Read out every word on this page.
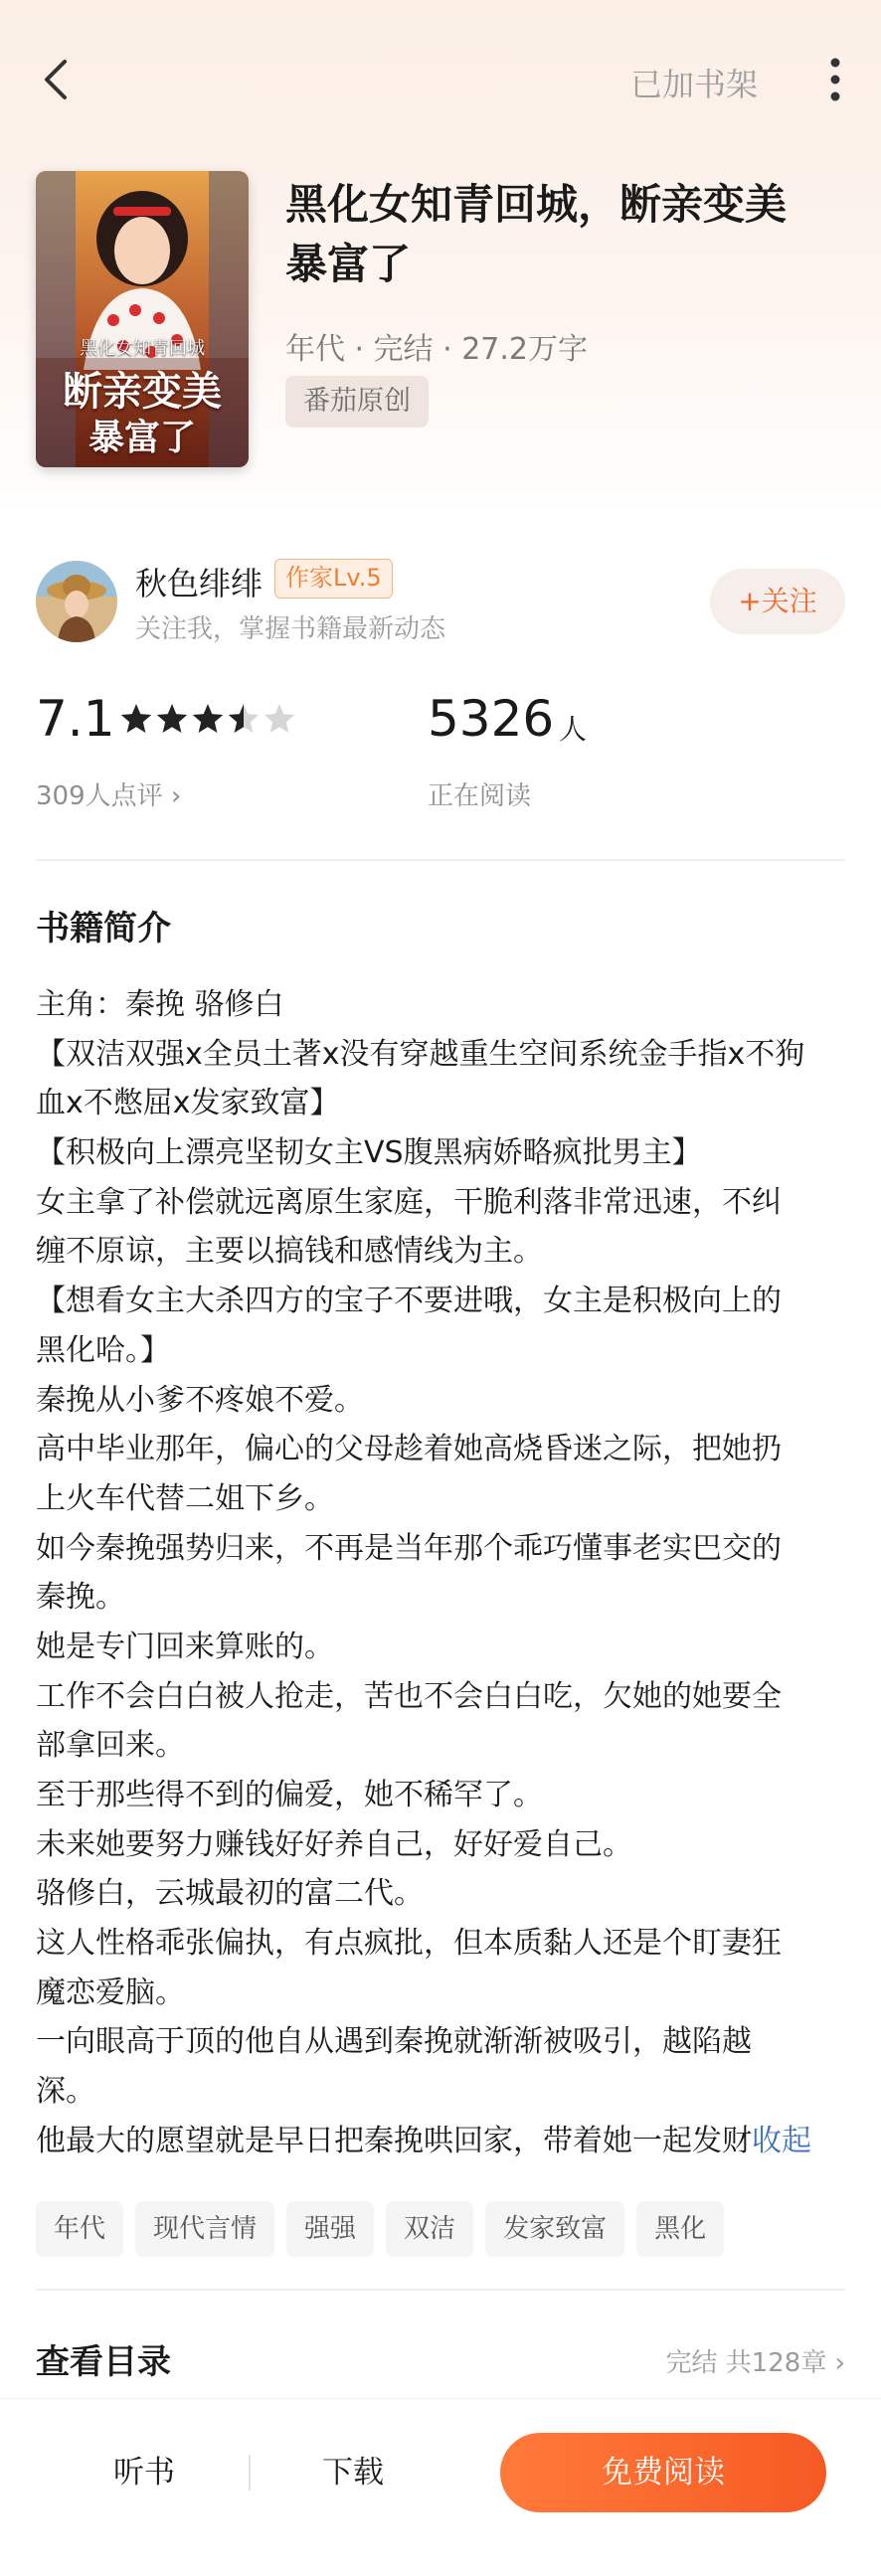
已加书架
黑化女知青回城
断亲变美
暴富了
黑化女知青回城，断亲变美
暴富了
年代 · 完结 · 27.2万字
番茄原创
秋色绯绯 作家Lv.5
关注我，掌握书籍最新动态
+关注
7.1
309人点评 ›
5326 人
正在阅读
书籍简介
主角：秦挽 骆修白
【双洁双强x全员土著x没有穿越重生空间系统金手指x不狗
血x不憋屈x发家致富】
【积极向上漂亮坚韧女主VS腹黑病娇略疯批男主】
女主拿了补偿就远离原生家庭，干脆利落非常迅速，不纠
缠不原谅，主要以搞钱和感情线为主。
【想看女主大杀四方的宝子不要进哦，女主是积极向上的
黑化哈。】
秦挽从小爹不疼娘不爱。
高中毕业那年，偏心的父母趁着她高烧昏迷之际，把她扔
上火车代替二姐下乡。
如今秦挽强势归来，不再是当年那个乖巧懂事老实巴交的
秦挽。
她是专门回来算账的。
工作不会白白被人抢走，苦也不会白白吃，欠她的她要全
部拿回来。
至于那些得不到的偏爱，她不稀罕了。
未来她要努力赚钱好好养自己，好好爱自己。
骆修白，云城最初的富二代。
这人性格乖张偏执，有点疯批，但本质黏人还是个盯妻狂
魔恋爱脑。
一向眼高于顶的他自从遇到秦挽就渐渐被吸引，越陷越
深。
他最大的愿望就是早日把秦挽哄回家，带着她一起发财收起
年代	现代言情	强强	双洁	发家致富	黑化
查看目录	完结 共128章 ›
听书	下载	免费阅读
